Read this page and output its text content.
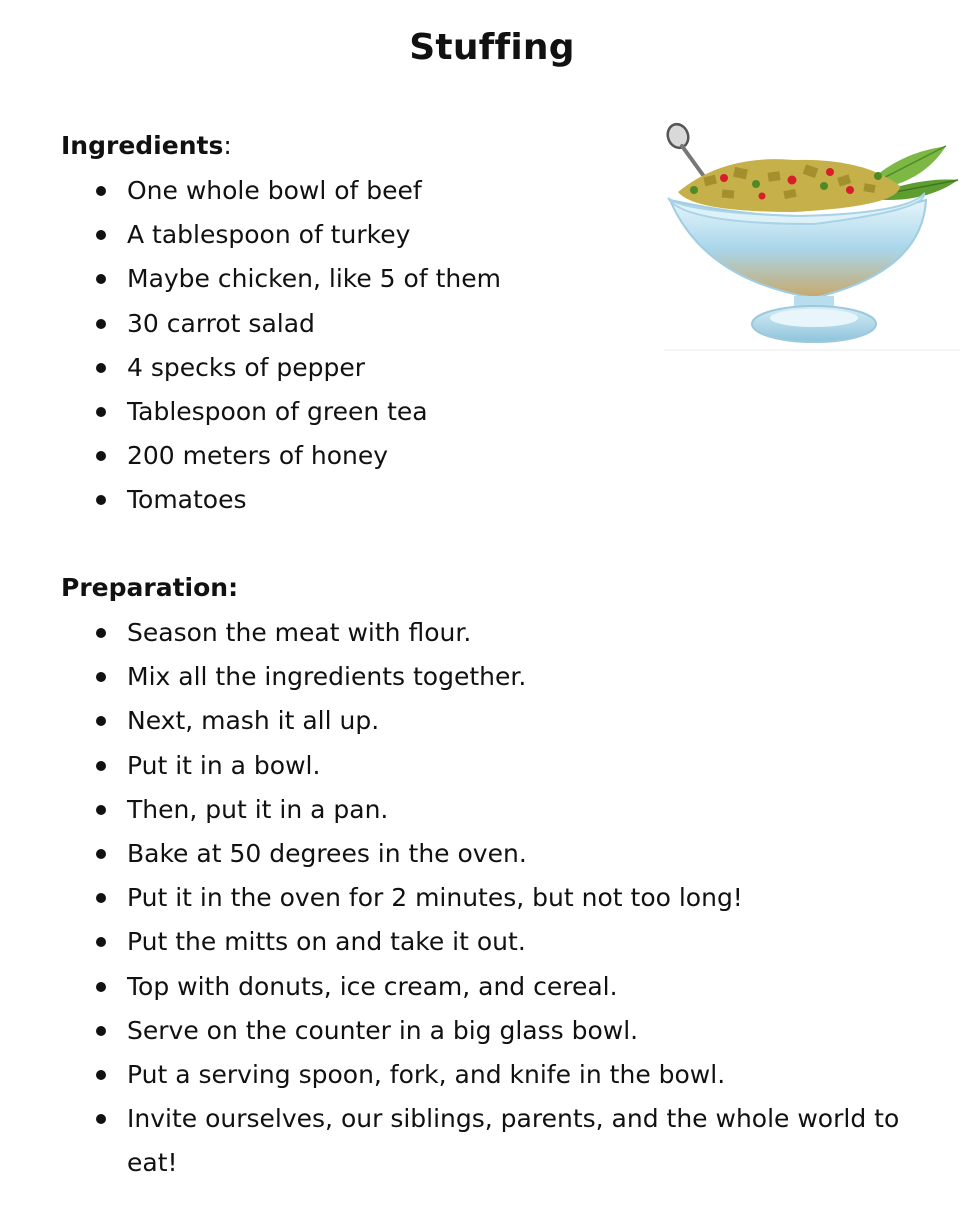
Stuffing
Ingredients:
One whole bowl of beef
A tablespoon of turkey
Maybe chicken, like 5 of them
30 carrot salad
4 specks of pepper
Tablespoon of green tea
200 meters of honey
Tomatoes
Preparation:
Season the meat with flour.
Mix all the ingredients together.
Next, mash it all up.
Put it in a bowl.
Then, put it in a pan.
Bake at 50 degrees in the oven.
Put it in the oven for 2 minutes, but not too long!
Put the mitts on and take it out.
Top with donuts, ice cream, and cereal.
Serve on the counter in a big glass bowl.
Put a serving spoon, fork, and knife in the bowl.
Invite ourselves, our siblings, parents, and the whole world to eat!
